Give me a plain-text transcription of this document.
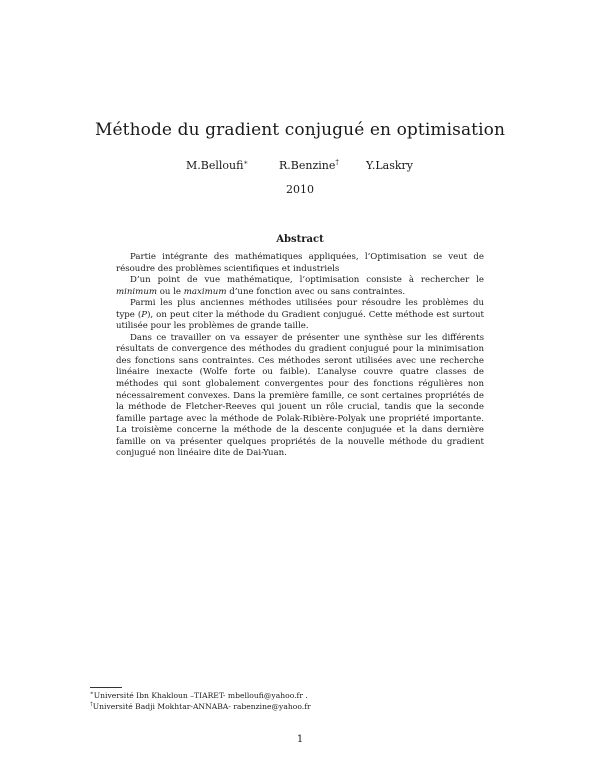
Méthode du gradient conjugué en optimisation
M.Belloufi∗	R.Benzine† Y.Laskry
2010
Abstract

Partie intégrante des mathématiques appliquées, l’Optimisation se veut de résoudre des problèmes scientifiques et industriels

D’un point de vue mathématique, l’optimisation consiste à rechercher le minimum ou le maximum d’une fonction avec ou sans contraintes.

Parmi les plus anciennes méthodes utilisées pour résoudre les problèmes du type (P), on peut citer la méthode du Gradient conjugué. Cette méthode est surtout utilisée pour les problèmes de grande taille.

Dans ce travailler on va essayer de présenter une synthèse sur les différents résultats de convergence des méthodes du gradient conjugué pour la minimisation des fonctions sans contraintes. Ces méthodes seront utilisées avec une recherche linéaire inexacte (Wolfe forte ou faible). L’analyse couvre quatre classes de méthodes qui sont globalement convergentes pour des fonctions régulières non nécessairement convexes. Dans la première famille, ce sont certaines propriétés de la méthode de Fletcher-Reeves qui jouent un rôle crucial, tandis que la seconde famille partage avec la méthode de Polak-Ribière-Polyak une propriété importante. La troisième concerne la méthode de la descente conjuguée et la dans dernière famille on va présenter quelques propriétés de la nouvelle méthode du gradient conjugué non linéaire dite de Dai-Yuan.

∗Université Ibn Khakloun –TIARET- mbelloufi@yahoo.fr .
†Université Badji Mokhtar-ANNABA- rabenzine@yahoo.fr
1
